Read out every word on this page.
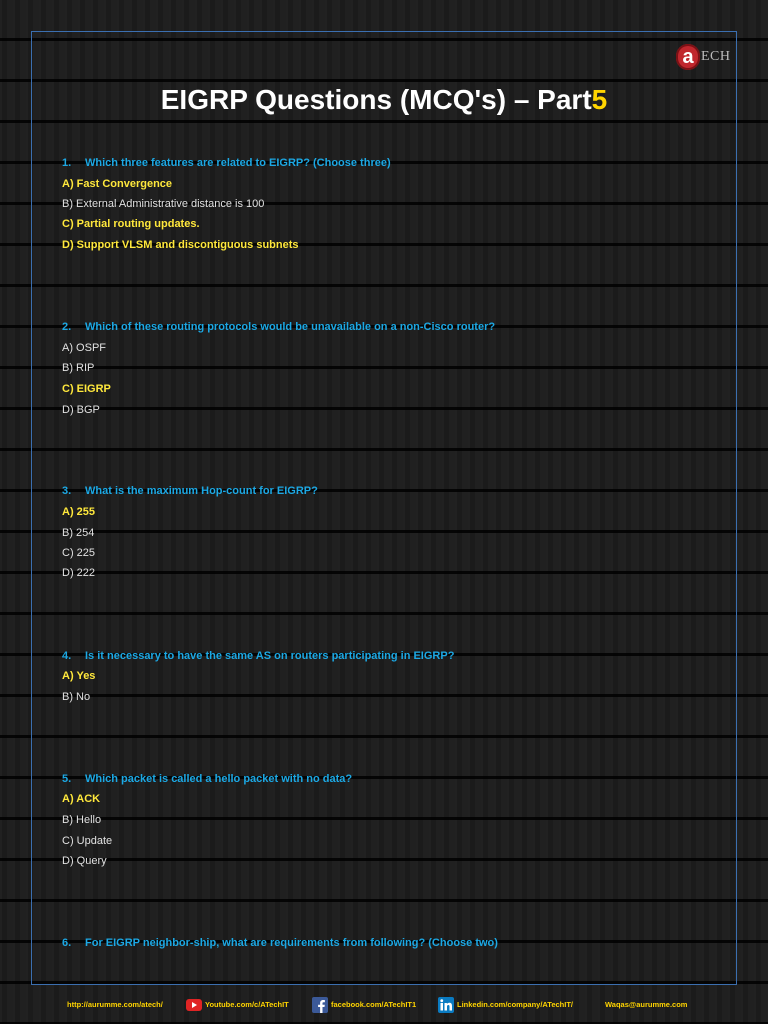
a ECH
EIGRP Questions (MCQ's) – Part5
1. Which three features are related to EIGRP? (Choose three)
A) Fast Convergence
B) External Administrative distance is 100
C) Partial routing updates.
D) Support VLSM and discontiguous subnets
2. Which of these routing protocols would be unavailable on a non-Cisco router?
A) OSPF
B) RIP
C) EIGRP
D) BGP
3. What is the maximum Hop-count for EIGRP?
A) 255
B) 254
C) 225
D) 222
4. Is it necessary to have the same AS on routers participating in EIGRP?
A) Yes
B) No
5. Which packet is called a hello packet with no data?
A) ACK
B) Hello
C) Update
D) Query
6. For EIGRP neighbor-ship, what are requirements from following? (Choose two)
http://aurumme.com/atech/	Youtube.com/c/ATechIT	facebook.com/ATechIT1	Linkedin.com/company/ATechIT/	Waqas@aurumme.com
